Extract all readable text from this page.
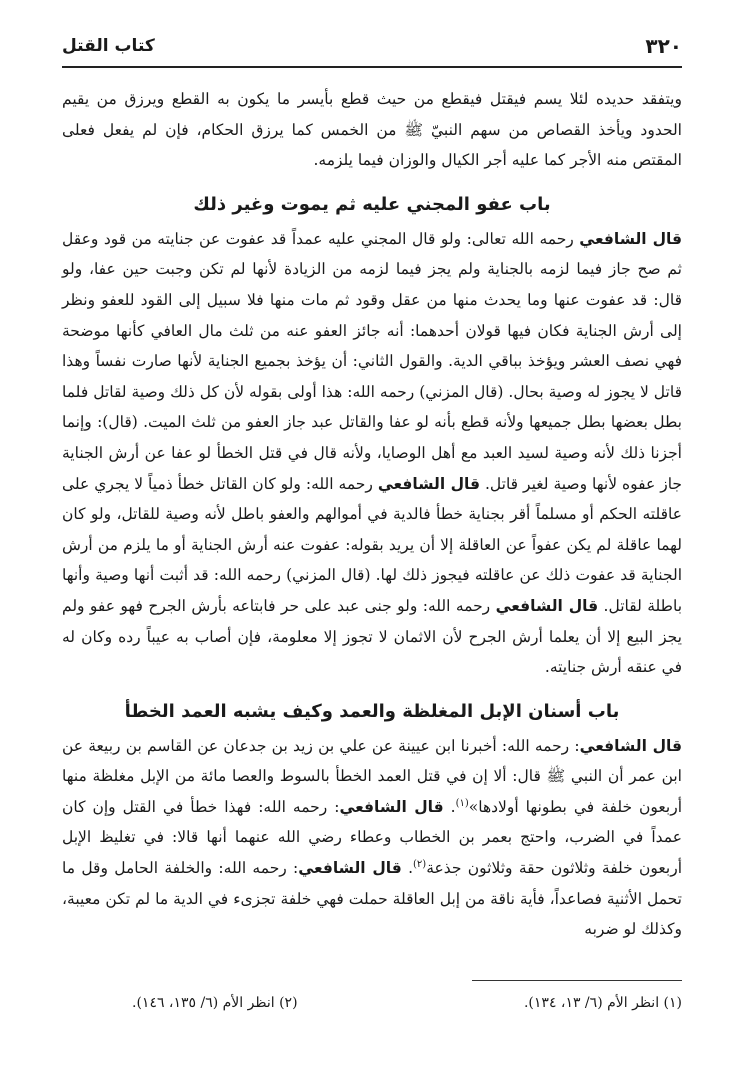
٣٢٠
كتاب القتل

ويتفقد حديده لئلا يسم فيقتل فيقطع من حيث قطع بأيسر ما يكون به القطع ويرزق من يقيم الحدود ويأخذ القصاص من سهم النبيّ ﷺ من الخمس كما يرزق الحكام، فإن لم يفعل فعلى المقتص منه الأجر كما عليه أجر الكيال والوزان فيما يلزمه.

باب عفو المجني عليه ثم يموت وغير ذلك

قال الشافعي رحمه الله تعالى: ولو قال المجني عليه عمداً قد عفوت عن جنايته من قود وعقل ثم صح جاز فيما لزمه بالجناية ولم يجز فيما لزمه من الزيادة لأنها لم تكن وجبت حين عفا، ولو قال: قد عفوت عنها وما يحدث منها من عقل وقود ثم مات منها فلا سبيل إلى القود للعفو ونظر إلى أرش الجناية فكان فيها قولان أحدهما: أنه جائز العفو عنه من ثلث مال العافي كأنها موضحة فهي نصف العشر ويؤخذ بباقي الدية. والقول الثاني: أن يؤخذ بجميع الجناية لأنها صارت نفساً وهذا قاتل لا يجوز له وصية بحال. (قال المزني) رحمه الله: هذا أولى بقوله لأن كل ذلك وصية لقاتل فلما بطل بعضها بطل جميعها ولأنه قطع بأنه لو عفا والقاتل عبد جاز العفو من ثلث الميت. (قال): وإنما أجزنا ذلك لأنه وصية لسيد العبد مع أهل الوصايا، ولأنه قال في قتل الخطأ لو عفا عن أرش الجناية جاز عفوه لأنها وصية لغير قاتل. قال الشافعي رحمه الله: ولو كان القاتل خطأ ذمياً لا يجري على عاقلته الحكم أو مسلماً أقر بجناية خطأ فالدية في أموالهم والعفو باطل لأنه وصية للقاتل، ولو كان لهما عاقلة لم يكن عفواً عن العاقلة إلا أن يريد بقوله: عفوت عنه أرش الجناية أو ما يلزم من أرش الجناية قد عفوت ذلك عن عاقلته فيجوز ذلك لها. (قال المزني) رحمه الله: قد أثبت أنها وصية وأنها باطلة لقاتل. قال الشافعي رحمه الله: ولو جنى عبد على حر فابتاعه بأرش الجرح فهو عفو ولم يجز البيع إلا أن يعلما أرش الجرح لأن الاثمان لا تجوز إلا معلومة، فإن أصاب به عيباً رده وكان له في عنقه أرش جنايته.

باب أسنان الإبل المغلظة والعمد وكيف يشبه العمد الخطأ

قال الشافعي: رحمه الله: أخبرنا ابن عيينة عن علي بن زيد بن جدعان عن القاسم بن ربيعة عن ابن عمر أن النبي ﷺ قال: ألا إن في قتل العمد الخطأ بالسوط والعصا مائة من الإبل مغلظة منها أربعون خلفة في بطونها أولادها»$^{(١)}$. قال الشافعي: رحمه الله: فهذا خطأ في القتل وإن كان عمداً في الضرب، واحتج بعمر بن الخطاب وعطاء رضي الله عنهما أنها قالا: في تغليظ الإبل أربعون خلفة وثلاثون حقة وثلاثون جذعة$^{(٢)}$. قال الشافعي: رحمه الله: والخلفة الحامل وقل ما تحمل الأثنية فصاعداً، فأية ناقة من إبل العاقلة حملت فهي خلفة تجزىء في الدية ما لم تكن معيبة، وكذلك لو ضربه

(١) انظر الأم (٦/ ١٣، ١٣٤).
(٢) انظر الأم (٦/ ١٣٥، ١٤٦).
